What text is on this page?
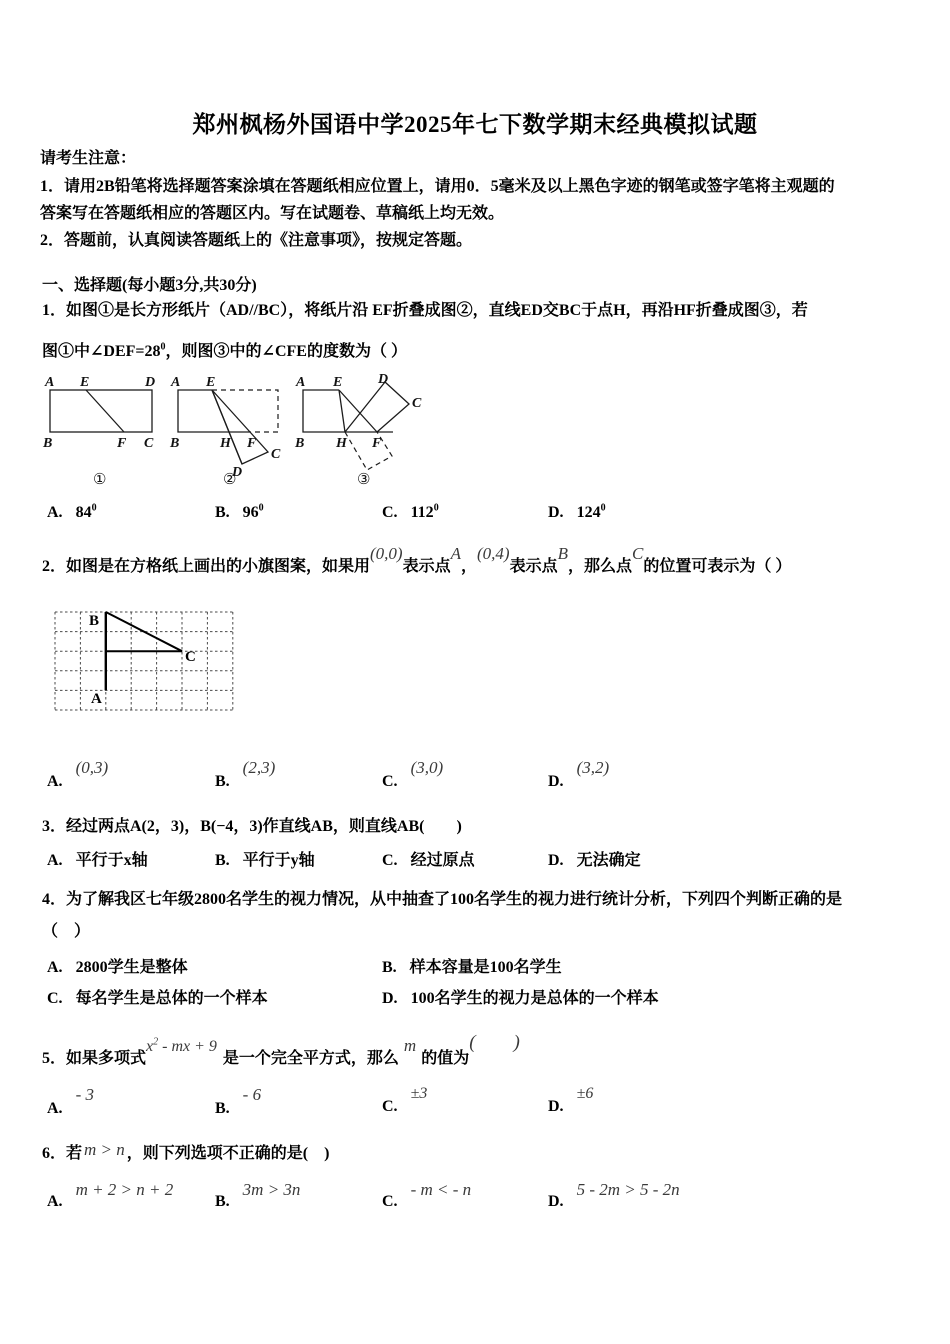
郑州枫杨外国语中学2025年七下数学期末经典模拟试题
请考生注意：
1．请用2B铅笔将选择题答案涂填在答题纸相应位置上，请用0．5毫米及以上黑色字迹的钢笔或签字笔将主观题的
答案写在答题纸相应的答题区内。写在试题卷、草稿纸上均无效。
2．答题前，认真阅读答题纸上的《注意事项》，按规定答题。
一、选择题(每小题3分,共30分)
1．如图①是长方形纸片（AD//BC），将纸片沿 EF折叠成图②，直线ED交BC于点H，再沿HF折叠成图③，若
图①中$\angle DEF=28^0$，则图③中的∠CFE的度数为（ ）
A E	D
B	F C
①
A E
B	H F
C
D
②
A E
B H F
D
C
③
A. $84^0$	B. $96^0$	C. $112^0$	D. $124^0$
2．如图是在方格纸上画出的小旗图案，如果用(0,0)表示点A，(0,4)表示点B，那么点C的位置可表示为（ ）
B
C
A
A.(0,3)
B.(2,3)
C.(3,0)
D.(3,2)
3．经过两点A(2，3)，B(−4，3)作直线AB，则直线AB(　　)
A. 平行于x轴	B. 平行于y轴	C. 经过原点	D. 无法确定
4．为了解我区七年级2800名学生的视力情况，从中抽查了100名学生的视力进行统计分析，下列四个判断正确的是
（　）
A. 2800学生是整体	B. 样本容量是100名学生
C. 每名学生是总体的一个样本	D. 100名学生的视力是总体的一个样本
5．如果多项式$x^2$ - mx + 9是一个完全平方式，那么m的值为(　　)
A.- 3
B.- 6
C.±3
D.±6
6．若 m > n ，则下列选项不正确的是(　)
A.m + 2 > n + 2
B.3m > 3n
C.- m < - n
D.5 - 2m > 5 - 2n
